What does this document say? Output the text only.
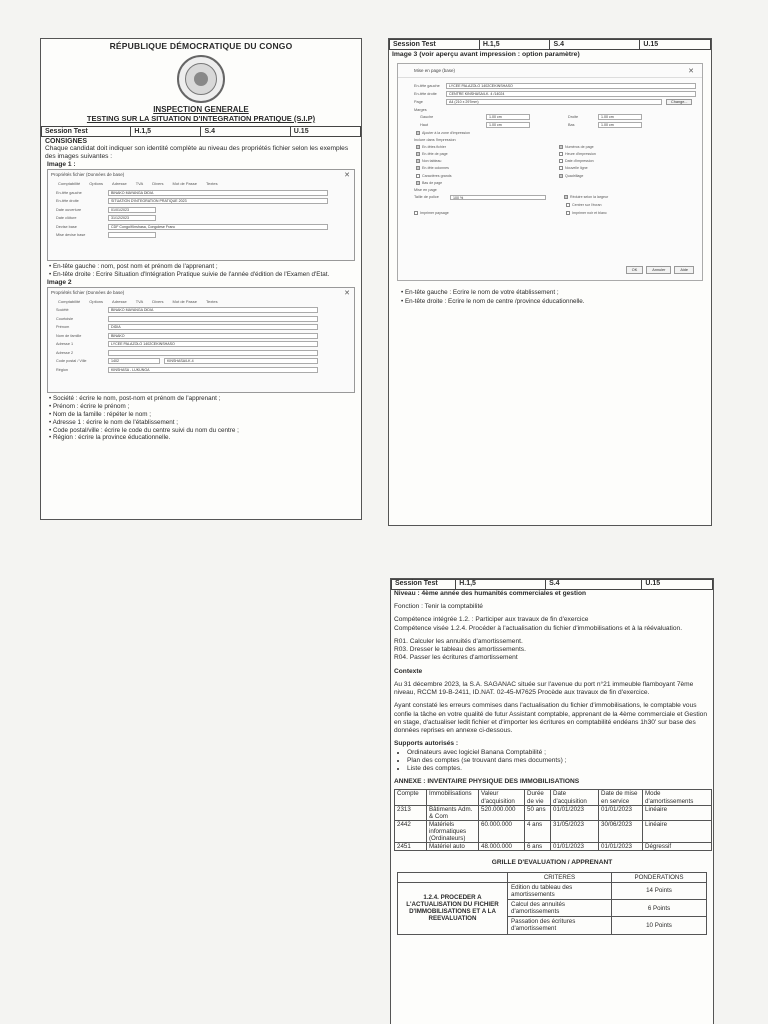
RÉPUBLIQUE DÉMOCRATIQUE DU CONGO
INSPECTION GENERALE
TESTING SUR LA SITUATION D'INTEGRATION PRATIQUE (S.I.P)
Session Test	H.1,5	S.4	U.15
CONSIGNES
Chaque candidat doit indiquer son identité complète au niveau des propriétés fichier selon les exemples des images suivantes :
Image 1 :
Propriétés fichier (Données de base)	✕
Comptabilité Options Adresse TVA Divers Mot de Passe Textes
En-tête gauche	BINAKO MAYANGA DIDIA
En-tête droite	SITUATION D'INTEGRATION PRATIQUE 2023
Date ouverture	01/01/2023
Date clôture	31/12/2023
Devise base	CDF Congo/Kinshasa, Congolese Franc
Mise devise base
• En-tête gauche : nom, post nom et prénom de l'apprenant ;
• En-tête droite : Ecrire Situation d'Intégration Pratique suivie de l'année d'édition de l'Examen d'Etat.
Image 2
Propriétés fichier (Données de base)	✕
Comptabilité Options Adresse TVA Divers Mot de Passe Textes
Société	BINAKO MAYANGA DIDIA
Courtoisie
Prénom	DIDIA
Nom de famille	BINAKO
Adresse 1	LYCEE PALAZOLO 1402CEKINSHASO
Adresse 2
Code postal / Ville	1402	KINSHASA/LK.4
Région	KINSHASA - LUKUNGA
• Société : écrire le nom, post-nom et prénom de l'apprenant ;
• Prénom : écrire le prénom ;
• Nom de la famille : répéter le nom ;
• Adresse 1 : écrire le nom de l'établissement ;
• Code postal/ville : écrire le code du centre suivi du nom du centre ;
• Région : écrire la province éducationnelle.
Session Test	H.1,5	S.4	U.15
Image 3 (voir aperçu avant impression : option paramètre)
Mise en page (base)	✕
En-tête gauche	LYCEE PALAZOLO 1402CEKINSHASO
En-tête droite	CENTRE KINSHASA/LK. 4 /14024
Page	A4 (210 x 297mm)	Change...
Marges
Gauche	1.00 cm	Droite	1.00 cm
Haut	1.00 cm	Bas	1.00 cm
Ajouter à la zone d'impression
Inclure dans l'impression
En-têtes fichier	Numéros de page
En-tête de page	Heure d'impression
Non tableau	Date d'impression
En-tête colonnes	Nouvelle ligne
Caractères grands	Quadrillage
Bas de page
Mise en page
Taille de police	100 %	Réduire selon la largeur
Centrer sur l'écran
Imprimer paysage	Imprimer noir et blanc
OK	Annuler	Aide
• En-tête gauche : Ecrire le nom de votre établissement ;
• En-tête droite : Ecrire le nom de centre /province éducationnelle.
Session Test	H.1,5	S.4	U.15

Niveau : 4ème année des humanités commerciales et gestion

Fonction : Tenir la comptabilité

Compétence intégrée 1.2. : Participer aux travaux de fin d'exercice

Compétence visée 1.2.4. Procéder à l'actualisation du fichier d'immobilisations et à la réévaluation.

R01. Calculer les annuités d'amortissement.

R03. Dresser le tableau des amortissements.

R04. Passer les écritures d'amortissement

Contexte

Au 31 décembre 2023, la S.A. SAGANAC située sur l'avenue du port n°21 immeuble flamboyant 7ème niveau, RCCM 19-B-2411, ID.NAT. 02-45-M7625 Procède aux travaux de fin d'exercice.

Ayant constaté les erreurs commises dans l'actualisation du fichier d'immobilisations, le comptable vous confie la tâche en votre qualité de futur Assistant comptable, apprenant de la 4ème commerciale et Gestion en stage, d'actualiser ledit fichier et d'importer les écritures en comptabilité endéans 1h30' sur base des données reprises en annexe ci-dessous.

Supports autorisés :

• Ordinateurs avec logiciel Banana Comptabilité ;
• Plan des comptes (se trouvant dans mes documents) ;
• Liste des comptes.

ANNEXE : INVENTAIRE PHYSIQUE DES IMMOBILISATIONS

Compte	Immobilisations	Valeur d'acquisition	Durée de vie	Date d'acquisition	Date de mise en service	Mode d'amortissements
2313	Bâtiments Adm. & Com	520.000.000	50 ans	01/01/2023	01/01/2023	Linéaire
2442	Matériels informatiques (Ordinateurs)	60.000.000	4 ans	31/05/2023	30/06/2023	Linéaire
2451	Matériel auto	48.000.000	6 ans	01/01/2023	01/01/2023	Dégressif

GRILLE D'EVALUATION / APPRENANT

	CRITERES	PONDERATIONS
1.2.4. PROCEDER A L'ACTUALISATION DU FICHIER D'IMMOBILISATIONS ET A LA REEVALUATION	Edition du tableau des amortissements	14 Points
	Calcul des annuités d'amortissements	6 Points
	Passation des écritures d'amortissement	10 Points
